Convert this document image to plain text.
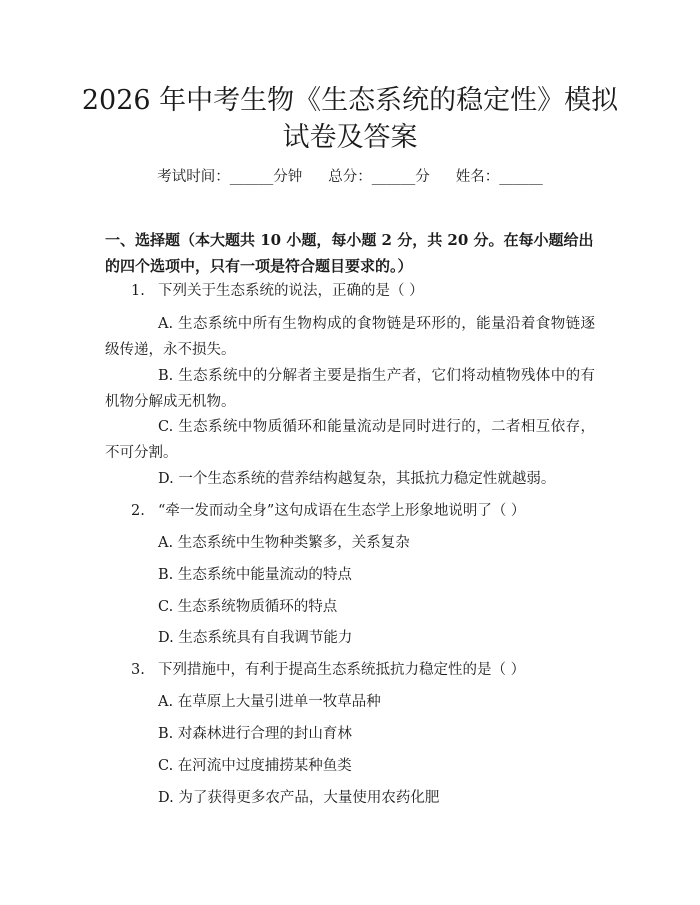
2026 年中考生物《生态系统的稳定性》模拟
试卷及答案
考试时间：______分钟 总分：______分 姓名：______

一、选择题（本大题共 10 小题，每小题 2 分，共 20 分。在每小题给出的四个选项中，只有一项是符合题目要求的。）

1. 下列关于生态系统的说法，正确的是（ ）

A. 生态系统中所有生物构成的食物链是环形的，能量沿着食物链逐级传递，永不损失。

B. 生态系统中的分解者主要是指生产者，它们将动植物残体中的有机物分解成无机物。

C. 生态系统中物质循环和能量流动是同时进行的，二者相互依存，不可分割。

D. 一个生态系统的营养结构越复杂，其抵抗力稳定性就越弱。
2. “牵一发而动全身”这句成语在生态学上形象地说明了（ ）
A. 生态系统中生物种类繁多，关系复杂
B. 生态系统中能量流动的特点
C. 生态系统物质循环的特点
D. 生态系统具有自我调节能力
3. 下列措施中，有利于提高生态系统抵抗力稳定性的是（ ）
A. 在草原上大量引进单一牧草品种
B. 对森林进行合理的封山育林
C. 在河流中过度捕捞某种鱼类
D. 为了获得更多农产品，大量使用农药化肥
